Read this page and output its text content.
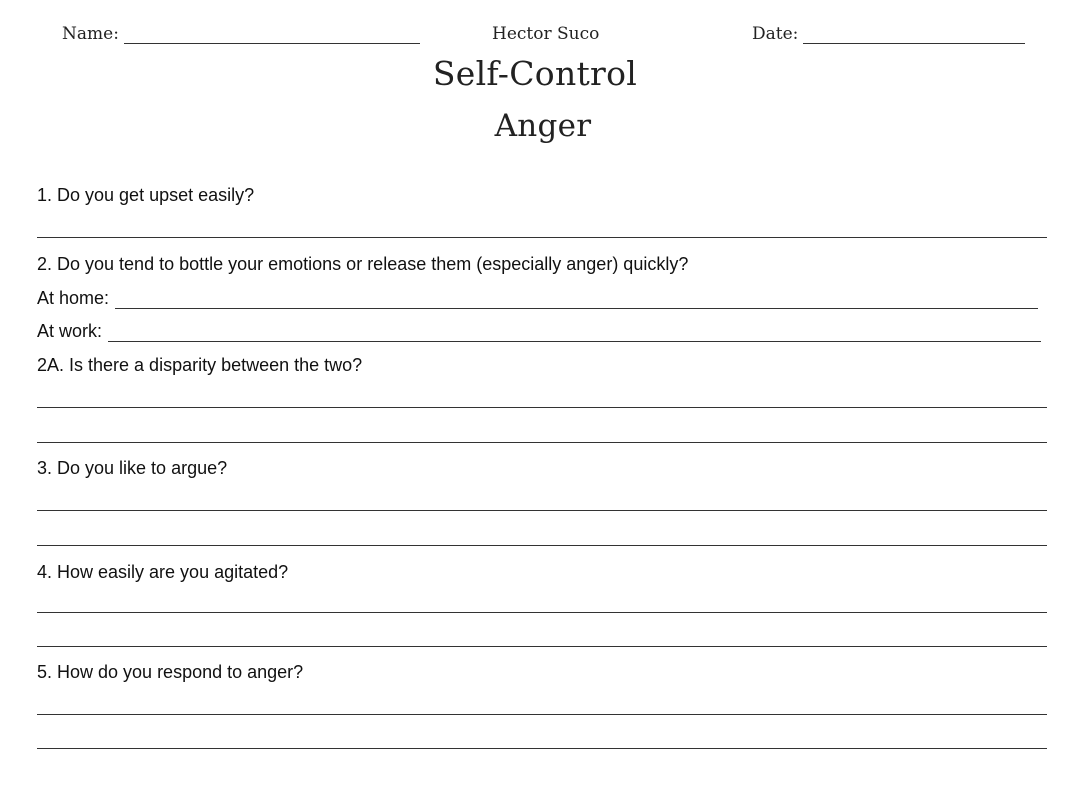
Name:	Hector Suco	Date:
Self-Control
Anger
1. Do you get upset easily?
2. Do you tend to bottle your emotions or release them (especially anger) quickly?
At home:
At work:
2A. Is there a disparity between the two?
3. Do you like to argue?
4. How easily are you agitated?
5. How do you respond to anger?
